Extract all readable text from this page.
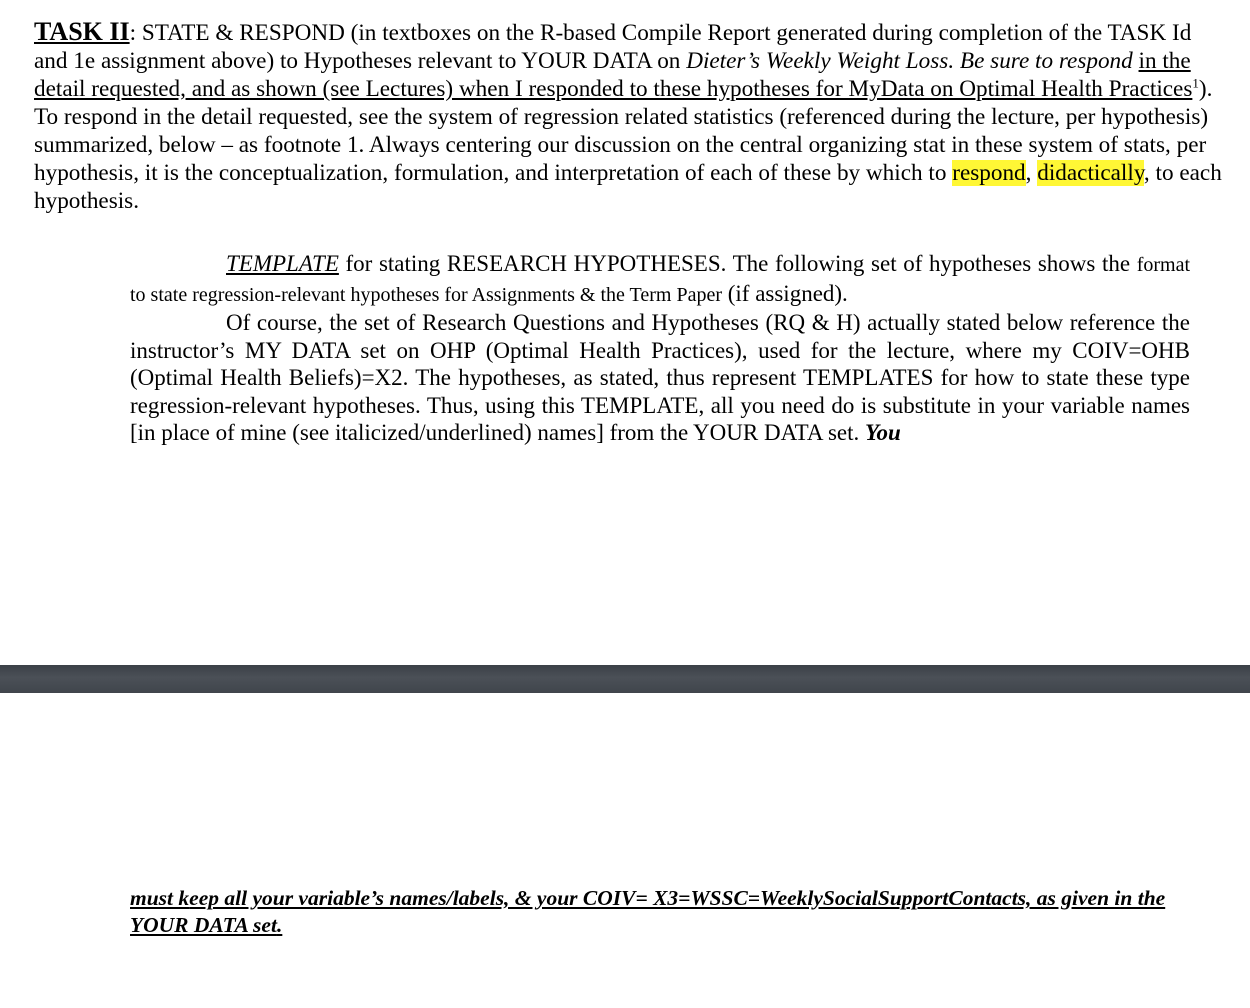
TASK II: STATE & RESPOND (in textboxes on the R-based Compile Report generated during completion of the TASK Id and 1e assignment above) to Hypotheses relevant to YOUR DATA on Dieter’s Weekly Weight Loss. Be sure to respond in the detail requested, and as shown (see Lectures) when I responded to these hypotheses for MyData on Optimal Health Practices$^1$). To respond in the detail requested, see the system of regression related statistics (referenced during the lecture, per hypothesis) summarized, below – as footnote 1. Always centering our discussion on the central organizing stat in these system of stats, per hypothesis, it is the conceptualization, formulation, and interpretation of each of these by which to respond, didactically, to each hypothesis.
TEMPLATE for stating RESEARCH HYPOTHESES. The following set of hypotheses shows the format to state regression-relevant hypotheses for Assignments & the Term Paper (if assigned).
Of course, the set of Research Questions and Hypotheses (RQ & H) actually stated below reference the instructor’s MY DATA set on OHP (Optimal Health Practices), used for the lecture, where my COIV=OHB (Optimal Health Beliefs)=X2. The hypotheses, as stated, thus represent TEMPLATES for how to state these type regression-relevant hypotheses. Thus, using this TEMPLATE, all you need do is substitute in your variable names [in place of mine (see italicized/underlined) names] from the YOUR DATA set. You
must keep all your variable’s names/labels, & your COIV= X3=WSSC=WeeklySocialSupportContacts, as given in the YOUR DATA set.
